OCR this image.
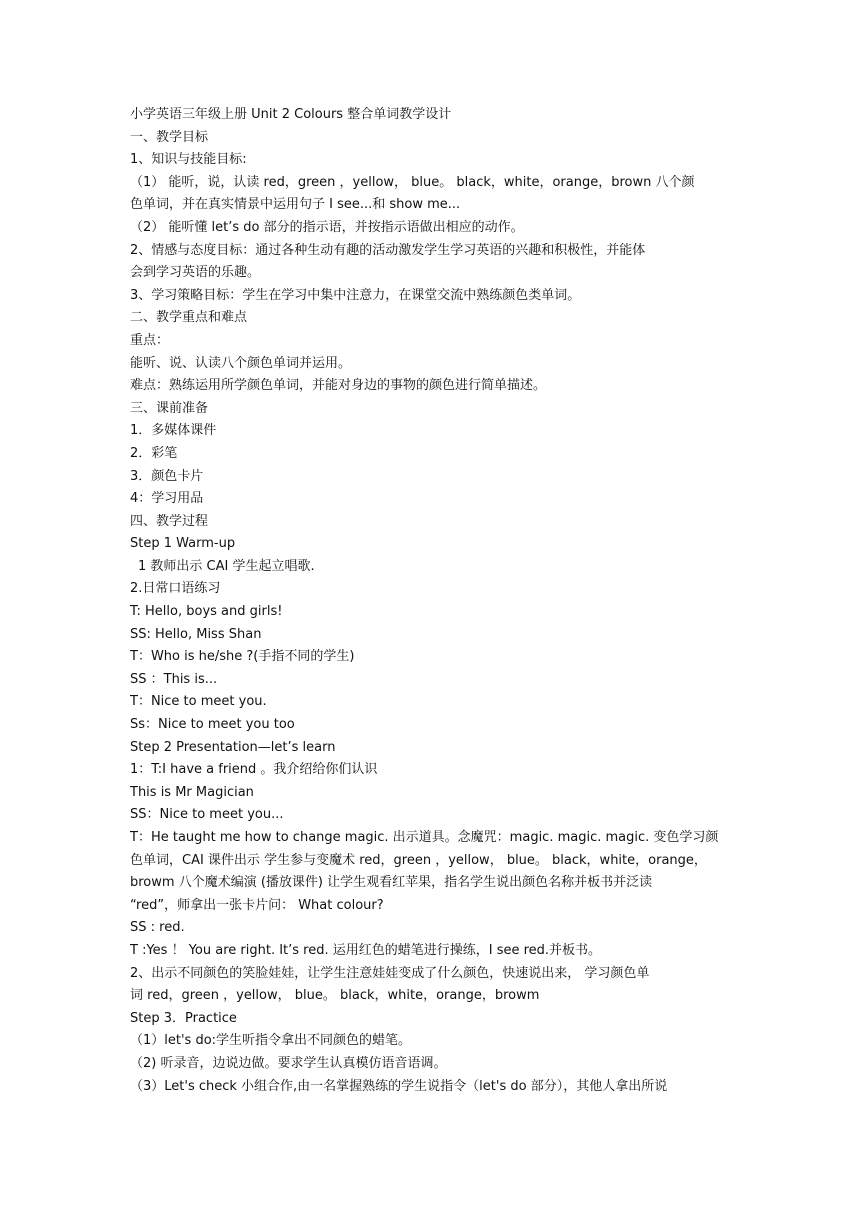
小学英语三年级上册 Unit 2 Colours 整合单词教学设计
一、教学目标
1、知识与技能目标:
（1） 能听，说，认读 red，green ，yellow， blue。 black，white，orange，brown 八个颜
色单词，并在真实情景中运用句子 I see...和 show me...
（2） 能听懂 let’s do 部分的指示语，并按指示语做出相应的动作。
2、情感与态度目标：通过各种生动有趣的活动激发学生学习英语的兴趣和积极性，并能体
会到学习英语的乐趣。
3、学习策略目标：学生在学习中集中注意力，在课堂交流中熟练颜色类单词。
二、教学重点和难点
重点：
能听、说、认读八个颜色单词并运用。
难点：熟练运用所学颜色单词，并能对身边的事物的颜色进行简单描述。
三、课前准备
1．多媒体课件
2．彩笔
3．颜色卡片
4：学习用品
四、教学过程
Step 1 Warm-up
1 教师出示 CAI 学生起立唱歌.
2.日常口语练习
T: Hello, boys and girls!
SS: Hello, Miss Shan
T：Who is he/she ?(手指不同的学生)
SS ：This is...
T：Nice to meet you.
Ss：Nice to meet you too
Step 2 Presentation—let’s learn
1：T:I have a friend 。我介绍给你们认识
This is Mr Magician
SS：Nice to meet you...
T：He taught me how to change magic. 出示道具。念魔咒：magic. magic. magic. 变色学习颜
色单词，CAI 课件出示 学生参与变魔术 red，green ，yellow， blue。 black，white，orange，
browm 八个魔术编演 (播放课件) 让学生观看红苹果，指名学生说出颜色名称并板书并泛读
“red”，师拿出一张卡片问： What colour?
SS : red.
T :Yes ！ You are right. It’s red. 运用红色的蜡笔进行操练，I see red.并板书。
2、出示不同颜色的笑脸娃娃，让学生注意娃娃变成了什么颜色，快速说出来， 学习颜色单
词 red，green ，yellow， blue。 black，white，orange，browm
Step 3．Practice
（1）let's do:学生听指令拿出不同颜色的蜡笔。
（2) 听录音，边说边做。要求学生认真模仿语音语调。
（3）Let's check 小组合作,由一名掌握熟练的学生说指令（let's do 部分），其他人拿出所说
